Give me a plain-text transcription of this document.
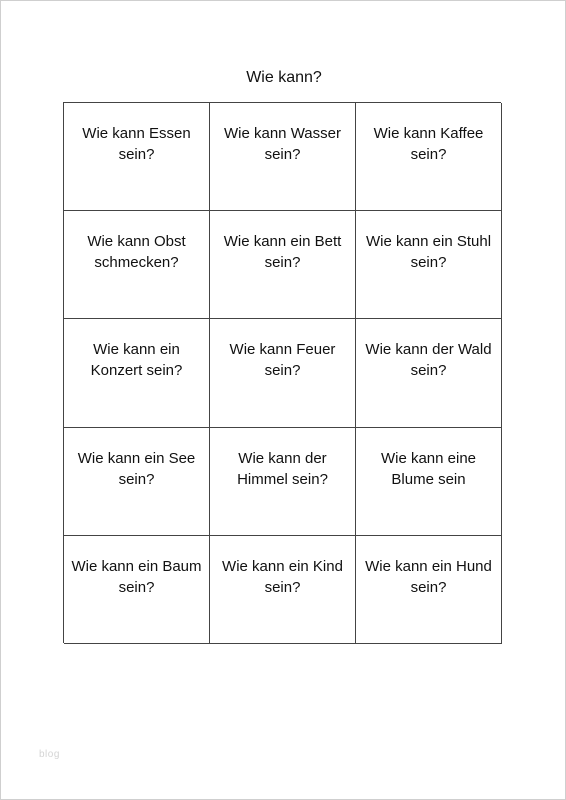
Wie kann?
Wie kann Essen
sein?
Wie kann Wasser
sein?
Wie kann Kaffee
sein?
Wie kann Obst
schmecken?
Wie kann ein Bett
sein?
Wie kann ein Stuhl
sein?
Wie kann ein
Konzert sein?
Wie kann Feuer
sein?
Wie kann der Wald
sein?
Wie kann ein See
sein?
Wie kann der
Himmel sein?
Wie kann eine
Blume sein
Wie kann ein Baum
sein?
Wie kann ein Kind
sein?
Wie kann ein Hund
sein?
blog
